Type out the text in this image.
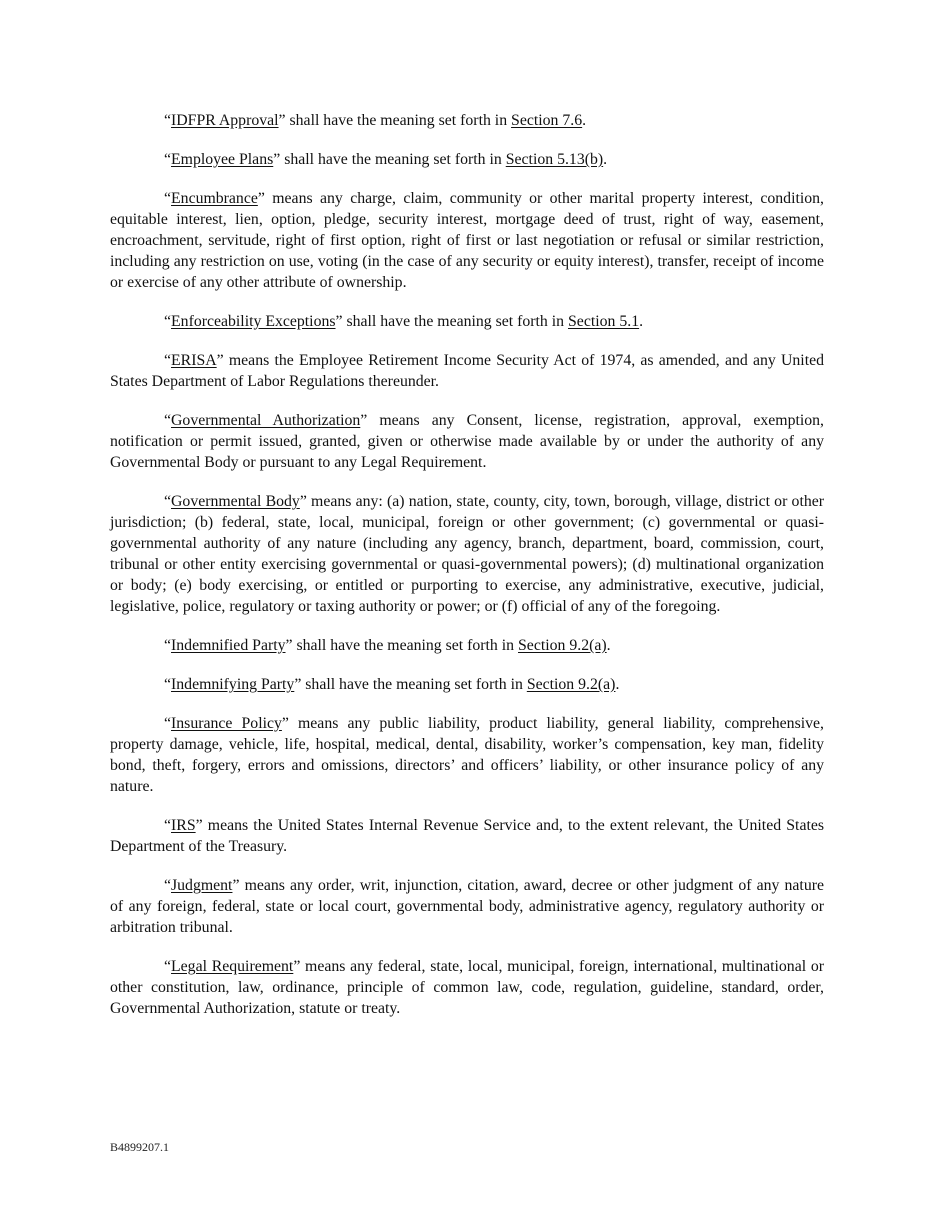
“IDFPR Approval” shall have the meaning set forth in Section 7.6.

“Employee Plans” shall have the meaning set forth in Section 5.13(b).

“Encumbrance” means any charge, claim, community or other marital property interest, condition, equitable interest, lien, option, pledge, security interest, mortgage deed of trust, right of way, easement, encroachment, servitude, right of first option, right of first or last negotiation or refusal or similar restriction, including any restriction on use, voting (in the case of any security or equity interest), transfer, receipt of income or exercise of any other attribute of ownership.

“Enforceability Exceptions” shall have the meaning set forth in Section 5.1.

“ERISA” means the Employee Retirement Income Security Act of 1974, as amended, and any United States Department of Labor Regulations thereunder.

“Governmental Authorization” means any Consent, license, registration, approval, exemption, notification or permit issued, granted, given or otherwise made available by or under the authority of any Governmental Body or pursuant to any Legal Requirement.

“Governmental Body” means any: (a) nation, state, county, city, town, borough, village, district or other jurisdiction; (b) federal, state, local, municipal, foreign or other government; (c) governmental or quasi-governmental authority of any nature (including any agency, branch, department, board, commission, court, tribunal or other entity exercising governmental or quasi-governmental powers); (d) multinational organization or body; (e) body exercising, or entitled or purporting to exercise, any administrative, executive, judicial, legislative, police, regulatory or taxing authority or power; or (f) official of any of the foregoing.

“Indemnified Party” shall have the meaning set forth in Section 9.2(a).

“Indemnifying Party” shall have the meaning set forth in Section 9.2(a).

“Insurance Policy” means any public liability, product liability, general liability, comprehensive, property damage, vehicle, life, hospital, medical, dental, disability, worker’s compensation, key man, fidelity bond, theft, forgery, errors and omissions, directors’ and officers’ liability, or other insurance policy of any nature.

“IRS” means the United States Internal Revenue Service and, to the extent relevant, the United States Department of the Treasury.

“Judgment” means any order, writ, injunction, citation, award, decree or other judgment of any nature of any foreign, federal, state or local court, governmental body, administrative agency, regulatory authority or arbitration tribunal.

“Legal Requirement” means any federal, state, local, municipal, foreign, international, multinational or other constitution, law, ordinance, principle of common law, code, regulation, guideline, standard, order, Governmental Authorization, statute or treaty.

B4899207.1
